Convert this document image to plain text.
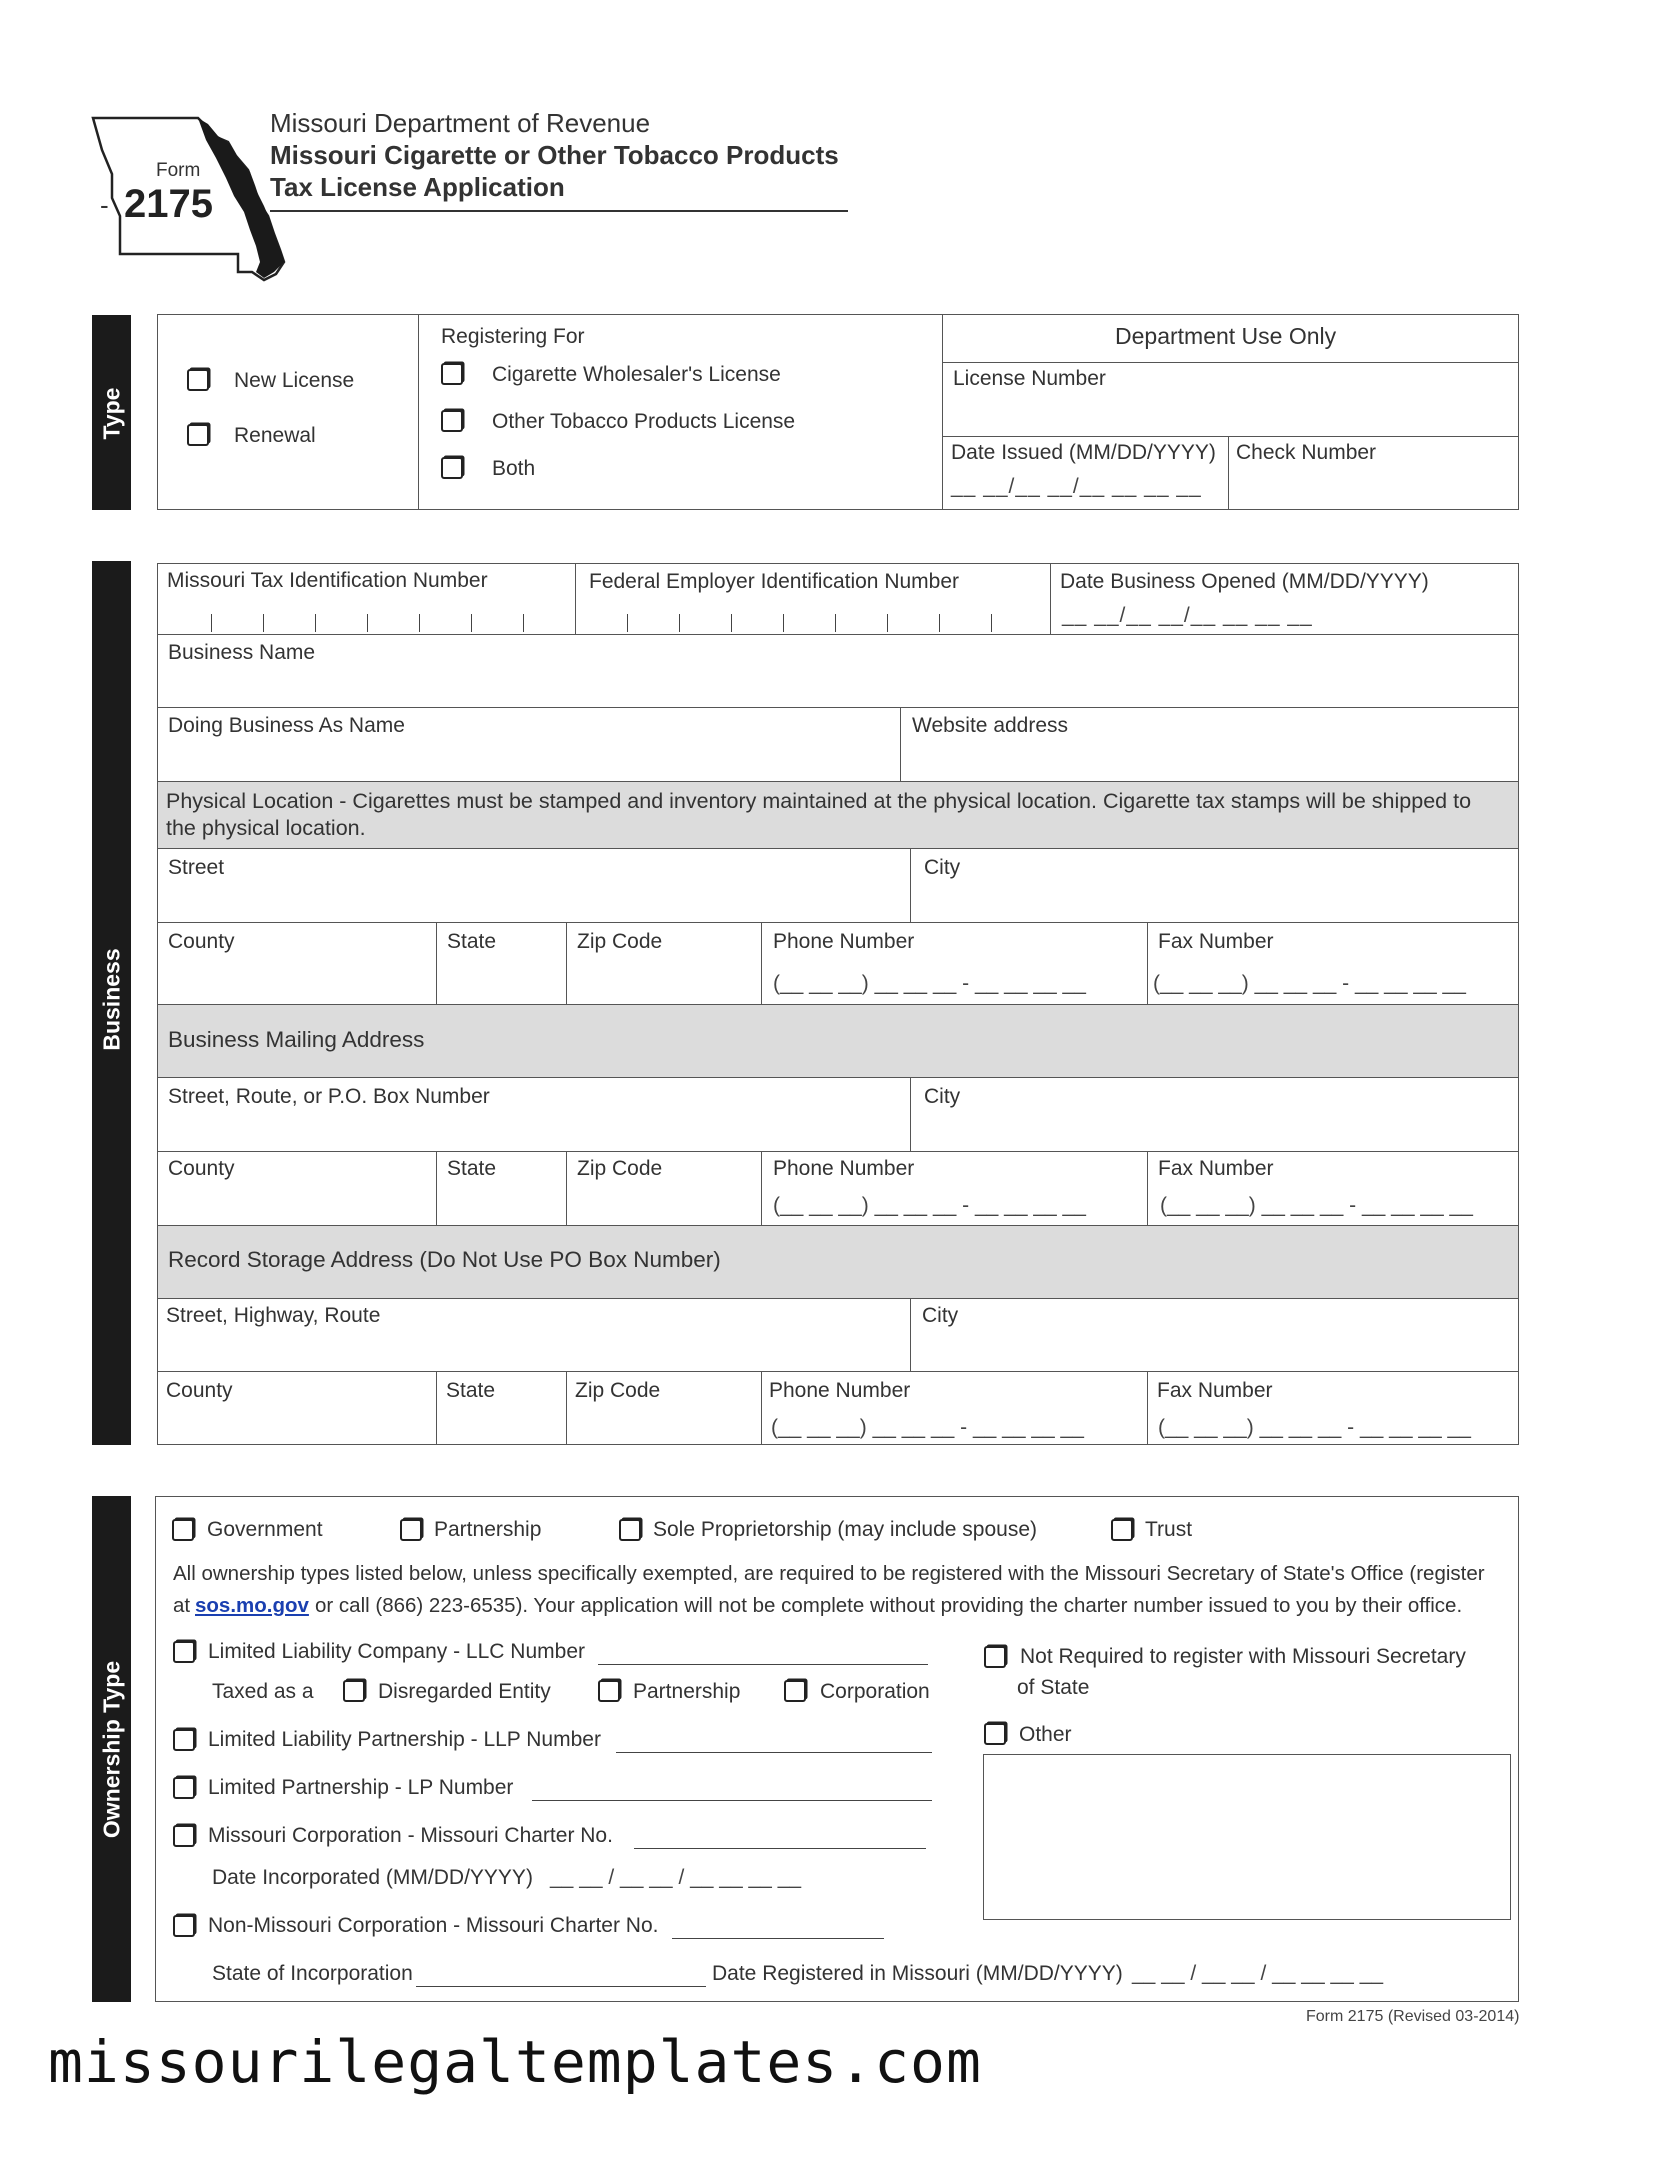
Form
- 2175
Missouri Department of Revenue
Missouri Cigarette or Other Tobacco Products
Tax License Application
Type
New License
Renewal
Registering For
Cigarette Wholesaler's License
Other Tobacco Products License
Both
Department Use Only
License Number
Date Issued (MM/DD/YYYY)
__ __/__ __/__ __ __ __
Check Number
Business
Missouri Tax Identification Number	Federal Employer Identification Number	Date Business Opened (MM/DD/YYYY)
__ __/__ __/__ __ __ __
Business Name
Doing Business As Name	Website address
Physical Location - Cigarettes must be stamped and inventory maintained at the physical location. Cigarette tax stamps will be shipped to the physical location.
Street	City
County	State	Zip Code	Phone Number
(__ __ __) __ __ __ - __ __ __ __
Fax Number
(__ __ __) __ __ __ - __ __ __ __
Business Mailing Address
Street, Route, or P.O. Box Number	City
County	State	Zip Code	Phone Number
(__ __ __) __ __ __ - __ __ __ __
Fax Number
(__ __ __) __ __ __ - __ __ __ __
Record Storage Address (Do Not Use PO Box Number)
Street, Highway, Route	City
County	State	Zip Code	Phone Number
(__ __ __) __ __ __ - __ __ __ __
Fax Number
(__ __ __) __ __ __ - __ __ __ __
Ownership Type
Government	Partnership	Sole Proprietorship (may include spouse)	Trust
All ownership types listed below, unless specifically exempted, are required to be registered with the Missouri Secretary of State's Office (register
at sos.mo.gov or call (866) 223-6535). Your application will not be complete without providing the charter number issued to you by their office.
Limited Liability Company - LLC Number
Taxed as a	Disregarded Entity	Partnership	Corporation
Limited Liability Partnership - LLP Number
Limited Partnership - LP Number
Missouri Corporation - Missouri Charter No.
Date Incorporated (MM/DD/YYYY) __ __ / __ __ / __ __ __ __
Non-Missouri Corporation - Missouri Charter No.
State of Incorporation	Date Registered in Missouri (MM/DD/YYYY) __ __ / __ __ / __ __ __ __
Not Required to register with Missouri Secretary
of State
Other
Form 2175 (Revised 03-2014)
missourilegaltemplates.com
